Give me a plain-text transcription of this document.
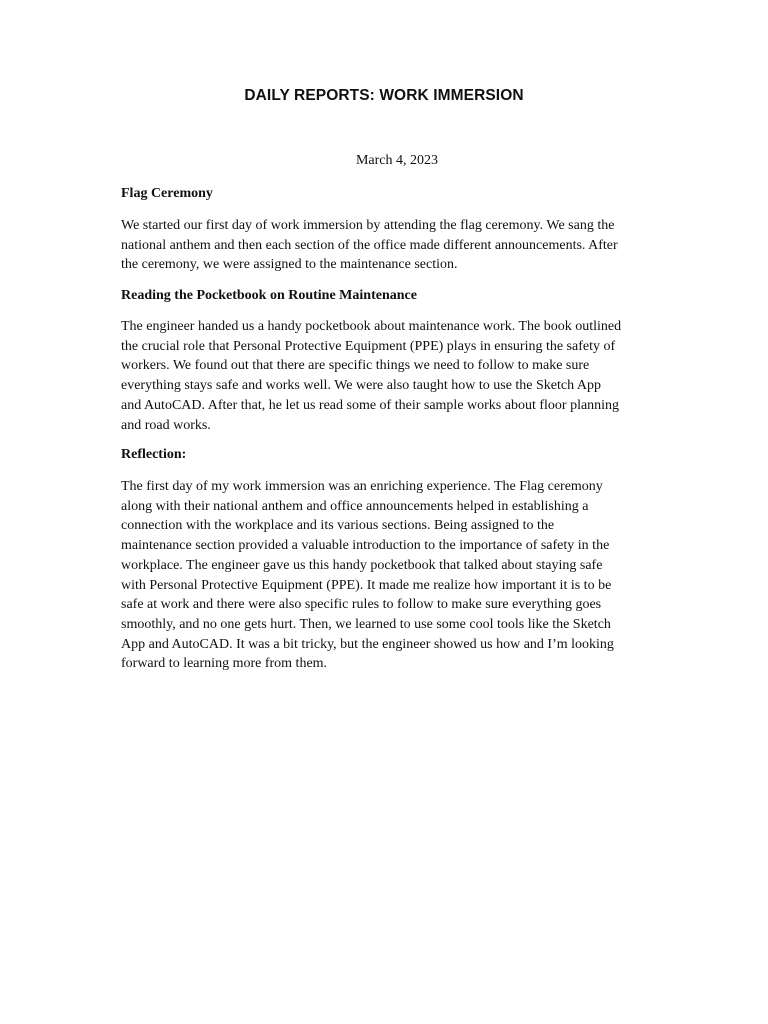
DAILY REPORTS: WORK IMMERSION

March 4, 2023

Flag Ceremony
We started our first day of work immersion by attending the flag ceremony. We sang the
national anthem and then each section of the office made different announcements. After
the ceremony, we were assigned to the maintenance section.
Reading the Pocketbook on Routine Maintenance
The engineer handed us a handy pocketbook about maintenance work. The book outlined
the crucial role that Personal Protective Equipment (PPE) plays in ensuring the safety of
workers. We found out that there are specific things we need to follow to make sure
everything stays safe and works well. We were also taught how to use the Sketch App
and AutoCAD. After that, he let us read some of their sample works about floor planning
and road works.
Reflection:
The first day of my work immersion was an enriching experience. The Flag ceremony
along with their national anthem and office announcements helped in establishing a
connection with the workplace and its various sections. Being assigned to the
maintenance section provided a valuable introduction to the importance of safety in the
workplace. The engineer gave us this handy pocketbook that talked about staying safe
with Personal Protective Equipment (PPE). It made me realize how important it is to be
safe at work and there were also specific rules to follow to make sure everything goes
smoothly, and no one gets hurt. Then, we learned to use some cool tools like the Sketch
App and AutoCAD. It was a bit tricky, but the engineer showed us how and I’m looking
forward to learning more from them.
